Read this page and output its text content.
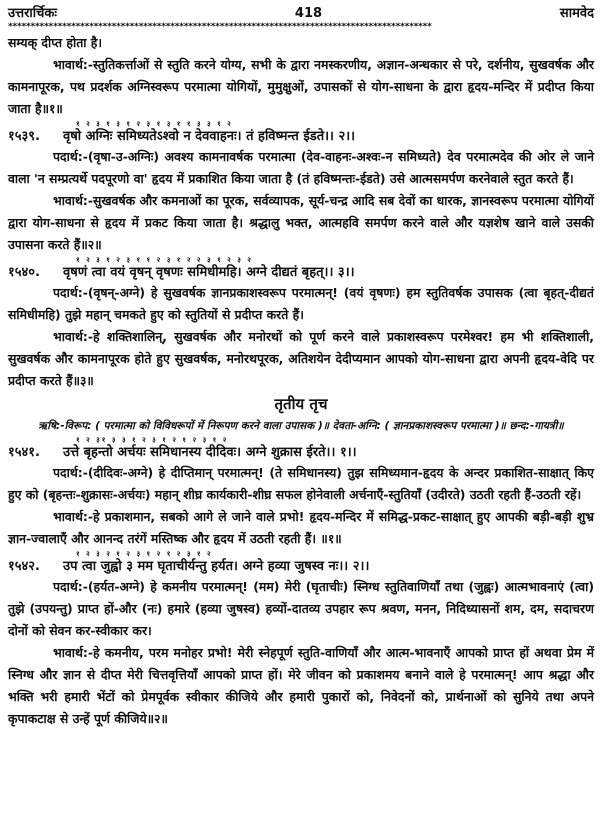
उत्तरार्चिकः	418	सामवेद
**********************************************************************************************

सम्यक् दीप्त होता है।

भावार्थ:-स्तुतिकर्त्ताओं से स्तुति करने योग्य, सभी के द्वारा नमस्करणीय, अज्ञान-अन्धकार से परे, दर्शनीय, सुखवर्षक और कामनापूरक, पथ प्रदर्शक अग्निस्वरूप परमात्मा योगियों, मुमुक्षुओं, उपासकों से योग-साधना के द्वारा हृदय-मन्दिर में प्रदीप्त किया जाता है॥१॥

१ २ ३ १ ३ १ २ ३ १ ३ १ १ ३ ३ १ २

१५३९. वृषो अग्निः समिध्यतेऽश्वो न देववाहनः। तं हविष्मन्त ईडते।। २।।

पदार्थ:-(वृषा-उ-अग्निः) अवश्य कामनावर्षक परमात्मा (देव-वाहनः-अश्वः-न समिध्यते) देव परमात्मदेव की ओर ले जाने वाला 'न सम्प्रत्यर्थे पदपूरणो वा' हृदय में प्रकाशित किया जाता है (तं हविष्मन्तः-ईडते) उसे आत्मसमर्पण करनेवाले स्तुत करते हैं।

भावार्थ:-सुखवर्षक और कमनाओं का पूरक, सर्वव्यापक, सूर्य-चन्द्र आदि सब देवों का धारक, ज्ञानस्वरूप परमात्मा योगियों द्वारा योग-साधना से हृदय में प्रकट किया जाता है। श्रद्धालु भक्त, आत्महवि समर्पण करने वाले और यज्ञशेष खाने वाले उसकी उपासना करते हैं॥२॥

१ २ ३ १ २ ३ १ १ २ ३ १ २ २ ३ १ २ ३ २

१५४०. वृषणं त्वा वयं वृषन् वृषणः समिधीमहि। अग्ने दीद्यतं बृहत्।। ३।।

पदार्थ:-(वृषन्-अग्ने) हे सुखवर्षक ज्ञानप्रकाशस्वरूप परमात्मन्! (वयं वृषणः) हम स्तुतिवर्षक उपासक (त्वा बृहत्-दीद्यतं समिधीमहि) तुझे महान् चमकते हुए को स्तुतियों से प्रदीप्त करते हैं।

भावार्थ:-हे शक्तिशालिन्, सुखवर्षक और मनोरथों को पूर्ण करने वाले प्रकाशस्वरूप परमेश्वर! हम भी शक्तिशाली, सुखवर्षक और कामनापूरक होते हुए सुखवर्षक, मनोरथपूरक, अतिशयेन देदीप्यमान आपको योग-साधना द्वारा अपनी हृदय-वेदि पर प्रदीप्त करते हैं॥३॥

तृतीय तृच
ऋषि:-विरूप: ( परमात्मा को विविधरूपों में निरूपण करने वाला उपासक )॥ देवता-अग्नि: ( ज्ञानप्रकाशस्वरूप परमात्मा )॥ छन्द:-गायत्री॥
१ २ ३१ ३ ३ १ २ ३ १ २ १ २ ३ १ २

१५४१. उत्ते बृहन्तो अर्चयः समिधानस्य दीदिवः। अग्ने शुक्रास ईरते।। १।।

पदार्थ:-(दीदिवः-अग्ने) हे दीप्तिमान् परमात्मन्! (ते समिधानस्य) तुझ समिध्यमान-हृदय के अन्दर प्रकाशित-साक्षात् किए हुए को (बृहन्तः-शुक्रासः-अर्चयः) महान् शीघ्र कार्यकारी-शीघ्र सफल होनेवाली अर्चनाएँ-स्तुतियाँ (उदीरते) उठती रहती हैं-उठती रहें।

भावार्थ:-हे प्रकाशमान, सबको आगे ले जाने वाले प्रभो! हृदय-मन्दिर में समिद्ध-प्रकट-साक्षात् हुए आपकी बड़ी-बड़ी शुभ्र ज्ञान-ज्वालाएँ और आनन्द तरंगें मस्तिष्क और हृदय में उठती रहती हैं। ॥१॥

१ २ ३ २ १ २ ३ १ २ १ २ ३ १ २

१५४२. उप त्वा जुह्वो ३ मम घृताचीर्यन्तु हर्यत। अग्ने हव्या जुषस्व नः।। २।।

पदार्थ:-(हर्यत-अग्ने) हे कमनीय परमात्मन्! (मम) मेरी (घृताचीः) स्निग्ध स्तुतिवाणियाँ तथा (जुह्वः) आत्मभावनाएं (त्वा) तुझे (उपयन्तु) प्राप्त हों-और (नः) हमारे (हव्या जुषस्व) हव्यों-दातव्य उपहार रूप श्रवण, मनन, निदिध्यासनों शम, दम, सदाचरण दोनों को सेवन कर-स्वीकार कर।

भावार्थ:-हे कमनीय, परम मनोहर प्रभो! मेरी स्नेहपूर्ण स्तुति-वाणियाँ और आत्म-भावनाएँ आपको प्राप्त हों अथवा प्रेम में स्निग्ध और ज्ञान से दीप्त मेरी चित्तवृत्तियाँ आपको प्राप्त हों। मेरे जीवन को प्रकाशमय बनाने वाले हे परमात्मन्! आप श्रद्धा और भक्ति भरी हमारी भेंटों को प्रेमपूर्वक स्वीकार कीजिये और हमारी पुकारों को, निवेदनों को, प्रार्थनाओं को सुनिये तथा अपने कृपाकटाक्ष से उन्हें पूर्ण कीजिये॥२॥
